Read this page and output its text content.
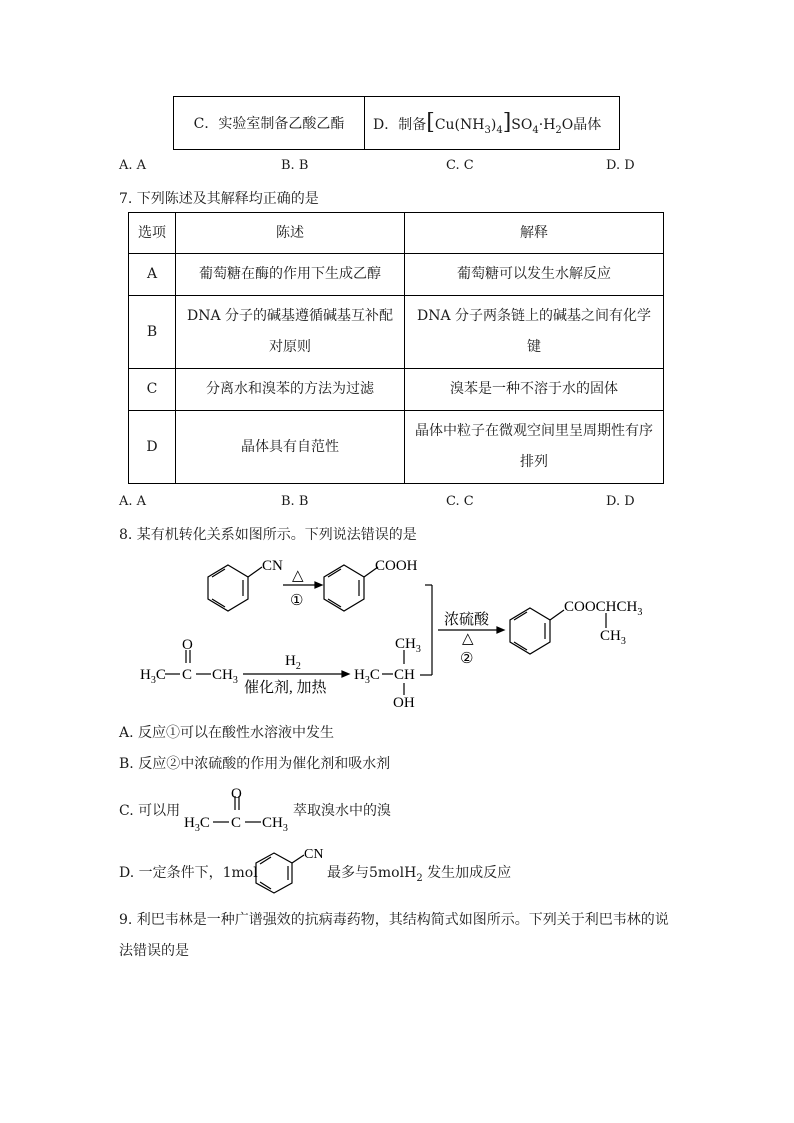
C．实验室制备乙酸乙酯	D．制备$[Cu(NH_3)_4]SO_4\cdot H_2O$晶体
A. A	B. B	C. C	D. D
7. 下列陈述及其解释均正确的是
选项	陈述	解释
A	葡萄糖在酶的作用下生成乙醇	葡萄糖可以发生水解反应
B	DNA 分子的碱基遵循碱基互补配对原则	DNA 分子两条链上的碱基之间有化学键
C	分离水和溴苯的方法为过滤	溴苯是一种不溶于水的固体
D	晶体具有自范性	晶体中粒子在微观空间里呈周期性有序排列
A. A	B. B	C. C	D. D
8. 某有机转化关系如图所示。下列说法错误的是
CN
△
①
COOH
浓硫酸
△
②
$COOCHCH_3$
$CH_3$
O
$H_3C$ C $CH_3$
$H_2$
催化剂, 加热
$CH_3$
$H_3C$ CH
OH
A. 反应①可以在酸性水溶液中发生
B. 反应②中浓硫酸的作用为催化剂和吸水剂
C. 可以用
O
$H_3C$ C $CH_3$
萃取溴水中的溴
D. 一定条件下，1mol
CN
最多与5molH$_2$ 发生加成反应
9. 利巴韦林是一种广谱强效的抗病毒药物，其结构简式如图所示。下列关于利巴韦林的说
法错误的是
